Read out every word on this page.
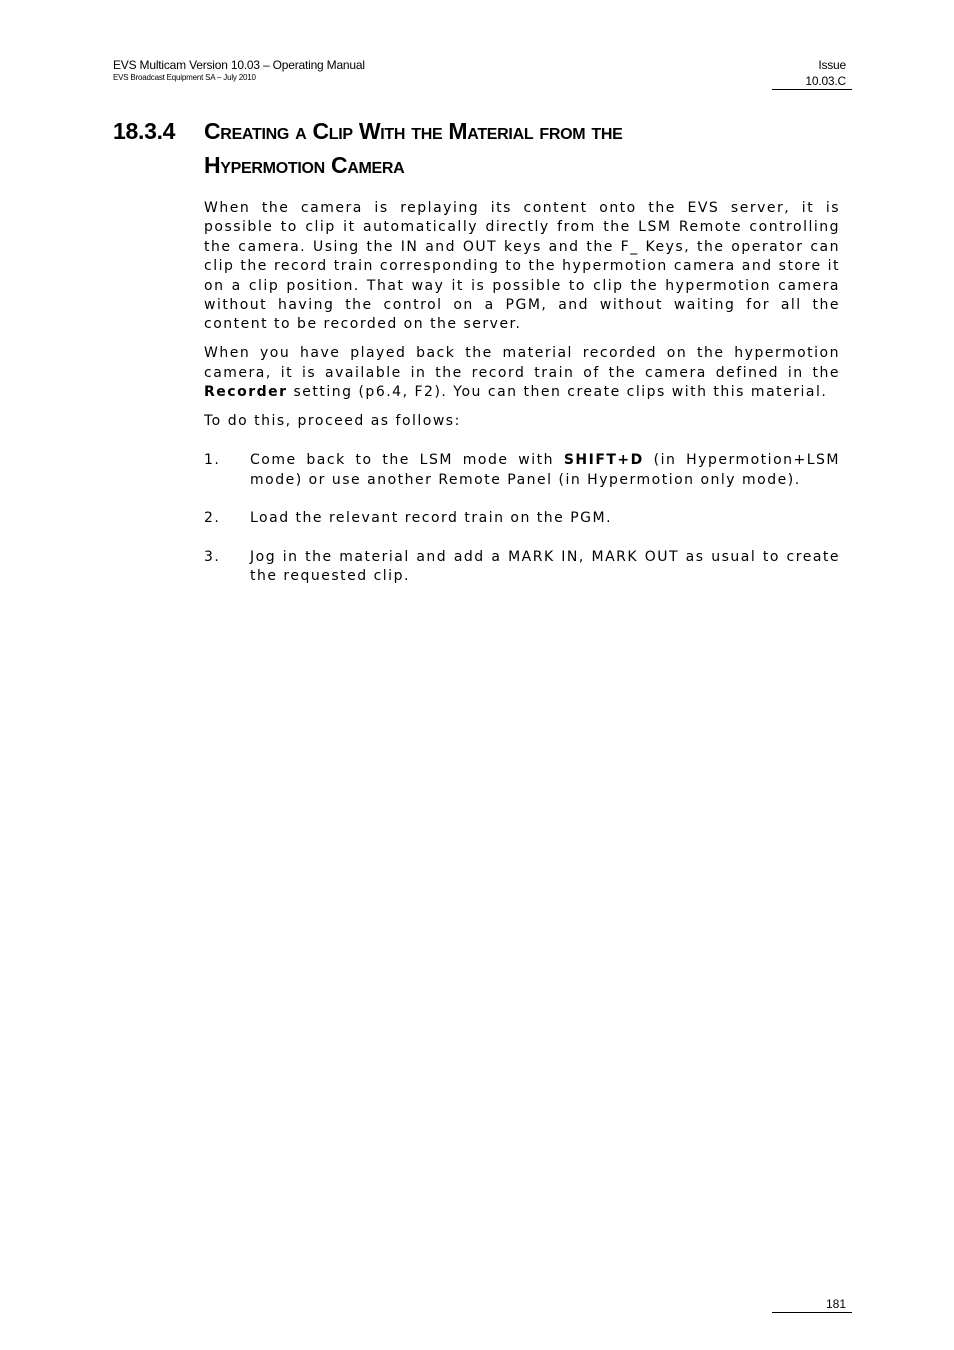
EVS Multicam Version 10.03 – Operating Manual
EVS Broadcast Equipment SA – July 2010
Issue
10.03.C
18.3.4 Creating a Clip With the Material from the
Hypermotion Camera

When the camera is replaying its content onto the EVS server, it is possible to clip it automatically directly from the LSM Remote controlling the camera. Using the IN and OUT keys and the F_ Keys, the operator can clip the record train corresponding to the hypermotion camera and store it on a clip position. That way it is possible to clip the hypermotion camera without having the control on a PGM, and without waiting for all the content to be recorded on the server.

When you have played back the material recorded on the hypermotion camera, it is available in the record train of the camera defined in the Recorder setting (p6.4, F2). You can then create clips with this material.

To do this, proceed as follows:

1.	Come back to the LSM mode with SHIFT+D (in Hypermotion+LSM mode) or use another Remote Panel (in Hypermotion only mode).
2.	Load the relevant record train on the PGM.
3.	Jog in the material and add a MARK IN, MARK OUT as usual to create the requested clip.
181
